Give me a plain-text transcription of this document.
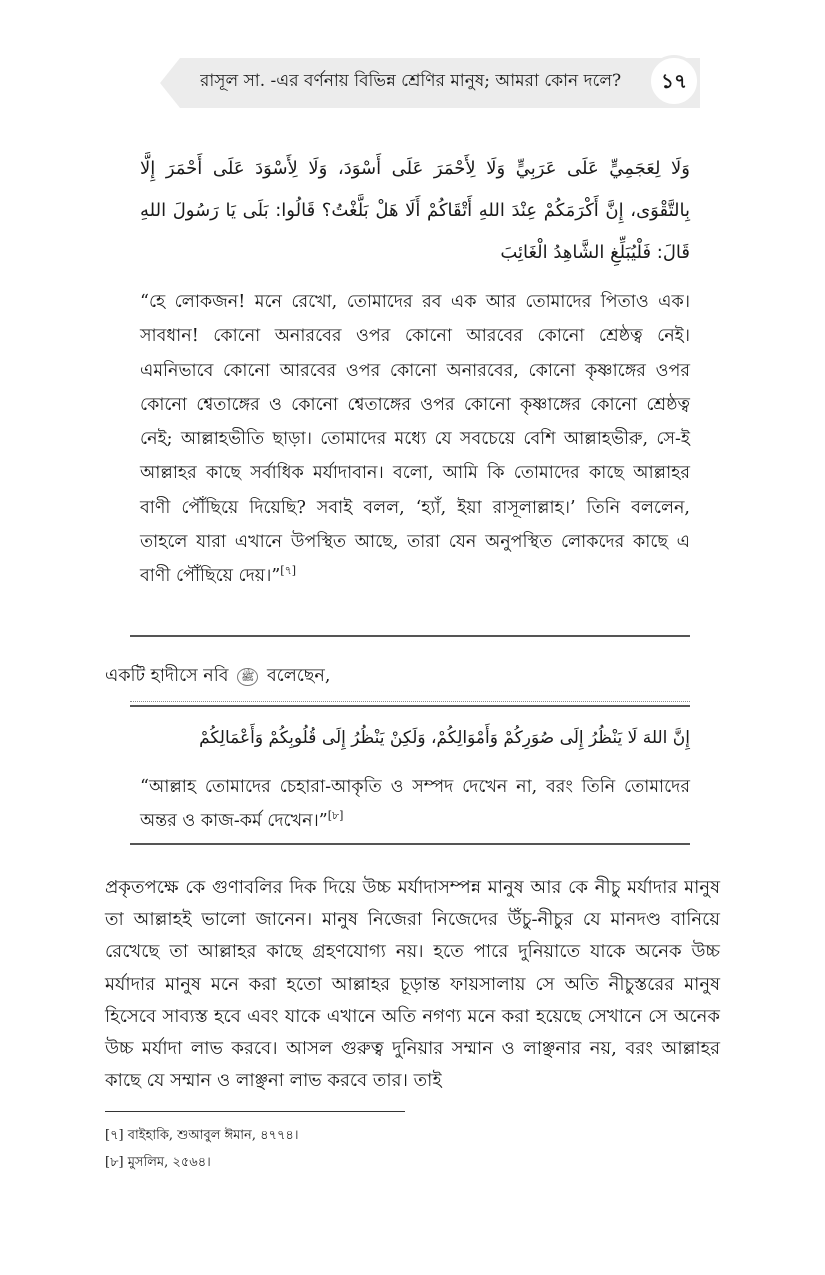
রাসূল সা. -এর বর্ণনায় বিভিন্ন শ্রেণির মানুষ; আমরা কোন দলে?	১৭
وَلَا لِعَجَمِيٍّ عَلَى عَرَبِيٍّ وَلَا لِأَحْمَرَ عَلَى أَسْوَدَ، وَلَا لِأَسْوَدَ عَلَى أَحْمَرَ إِلَّا بِالتَّقْوَى، إِنَّ أَكْرَمَكُمْ عِنْدَ اللهِ أَتْقَاكُمْ أَلَا هَلْ بَلَّغْتُ؟ قَالُوا: بَلَى يَا رَسُولَ اللهِ قَالَ: فَلْيُبَلِّغِ الشَّاهِدُ الْغَائِبَ
“হে লোকজন! মনে রেখো, তোমাদের রব এক আর তোমাদের পিতাও এক। সাবধান! কোনো অনারবের ওপর কোনো আরবের কোনো শ্রেষ্ঠত্ব নেই। এমনিভাবে কোনো আরবের ওপর কোনো অনারবের, কোনো কৃষ্ণাঙ্গের ওপর কোনো শ্বেতাঙ্গের ও কোনো শ্বেতাঙ্গের ওপর কোনো কৃষ্ণাঙ্গের কোনো শ্রেষ্ঠত্ব নেই; আল্লাহভীতি ছাড়া। তোমাদের মধ্যে যে সবচেয়ে বেশি আল্লাহভীরু, সে-ই আল্লাহর কাছে সর্বাধিক মর্যাদাবান। বলো, আমি কি তোমাদের কাছে আল্লাহর বাণী পৌঁছিয়ে দিয়েছি? সবাই বলল, ‘হ্যাঁ, ইয়া রাসূলাল্লাহ।’ তিনি বললেন, তাহলে যারা এখানে উপস্থিত আছে, তারা যেন অনুপস্থিত লোকদের কাছে এ বাণী পৌঁছিয়ে দেয়।”[৭]
একটি হাদীসে নবি ﷺ বলেছেন,
إِنَّ اللهَ لَا يَنْظُرُ إِلَى صُوَرِكُمْ وَأَمْوَالِكُمْ، وَلَكِنْ يَنْظُرُ إِلَى قُلُوبِكُمْ وَأَعْمَالِكُمْ
“আল্লাহ তোমাদের চেহারা-আকৃতি ও সম্পদ দেখেন না, বরং তিনি তোমাদের অন্তর ও কাজ-কর্ম দেখেন।”[৮]
প্রকৃতপক্ষে কে গুণাবলির দিক দিয়ে উচ্চ মর্যাদাসম্পন্ন মানুষ আর কে নীচু মর্যাদার মানুষ তা আল্লাহই ভালো জানেন। মানুষ নিজেরা নিজেদের উঁচু-নীচুর যে মানদণ্ড বানিয়ে রেখেছে তা আল্লাহর কাছে গ্রহণযোগ্য নয়। হতে পারে দুনিয়াতে যাকে অনেক উচ্চ মর্যাদার মানুষ মনে করা হতো আল্লাহর চূড়ান্ত ফায়সালায় সে অতি নীচুস্তরের মানুষ হিসেবে সাব্যস্ত হবে এবং যাকে এখানে অতি নগণ্য মনে করা হয়েছে সেখানে সে অনেক উচ্চ মর্যাদা লাভ করবে। আসল গুরুত্ব দুনিয়ার সম্মান ও লাঞ্ছনার নয়, বরং আল্লাহর কাছে যে সম্মান ও লাঞ্ছনা লাভ করবে তার। তাই
[৭] বাইহাকি, শুআবুল ঈমান, ৪৭৭৪।
[৮] মুসলিম, ২৫৬৪।
